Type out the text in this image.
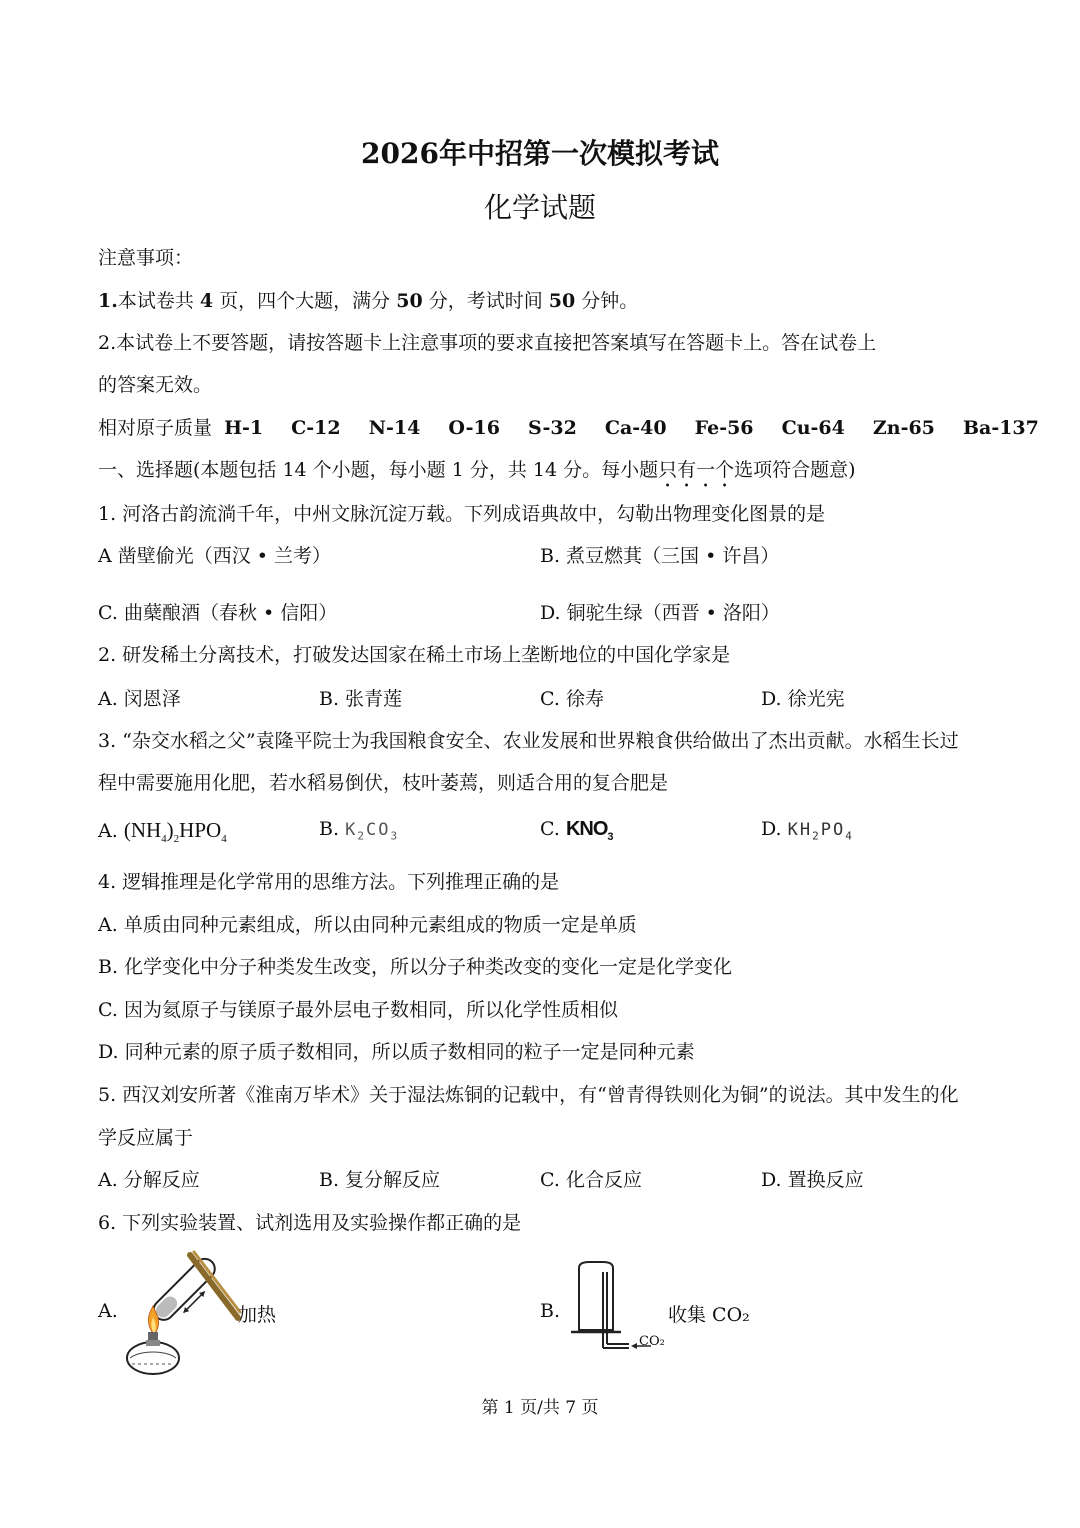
2026年中招第一次模拟考试
化学试题
注意事项：
1.本试卷共 4 页，四个大题，满分 50 分，考试时间 50 分钟。
2.本试卷上不要答题，请按答题卡上注意事项的要求直接把答案填写在答题卡上。答在试卷上
的答案无效。
相对原子质量 H-1 C-12 N-14 O-16 S-32 Ca-40 Fe-56 Cu-64 Zn-65 Ba-137
一、选择题(本题包括 14 个小题，每小题 1 分，共 14 分。每小题只有一个选项符合题意)
1. 河洛古韵流淌千年，中州文脉沉淀万载。下列成语典故中，勾勒出物理变化图景的是
A 凿壁偷光（西汉 • 兰考）	B. 煮豆燃萁（三国 • 许昌）
C. 曲蘖酿酒（春秋 • 信阳）	D. 铜驼生绿（西晋 • 洛阳）
2. 研发稀土分离技术，打破发达国家在稀土市场上垄断地位的中国化学家是
A. 闵恩泽	B. 张青莲	C. 徐寿	D. 徐光宪
3. “杂交水稻之父”袁隆平院士为我国粮食安全、农业发展和世界粮食供给做出了杰出贡献。水稻生长过
程中需要施用化肥，若水稻易倒伏，枝叶萎蔫，则适合用的复合肥是
A. $(NH_4)_2HPO_4$	B. $K_2CO_3$	C. $KNO_3$	D. $KH_2PO_4$
4. 逻辑推理是化学常用的思维方法。下列推理正确的是
A. 单质由同种元素组成，所以由同种元素组成的物质一定是单质
B. 化学变化中分子种类发生改变，所以分子种类改变的变化一定是化学变化
C. 因为氦原子与镁原子最外层电子数相同，所以化学性质相似
D. 同种元素的原子质子数相同，所以质子数相同的粒子一定是同种元素
5. 西汉刘安所著《淮南万毕术》关于湿法炼铜的记载中，有“曾青得铁则化为铜”的说法。其中发生的化
学反应属于
A. 分解反应	B. 复分解反应	C. 化合反应	D. 置换反应
6. 下列实验装置、试剂选用及实验操作都正确的是
A.	加热	B.
CO₂
收集 CO₂
第 1 页/共 7 页
